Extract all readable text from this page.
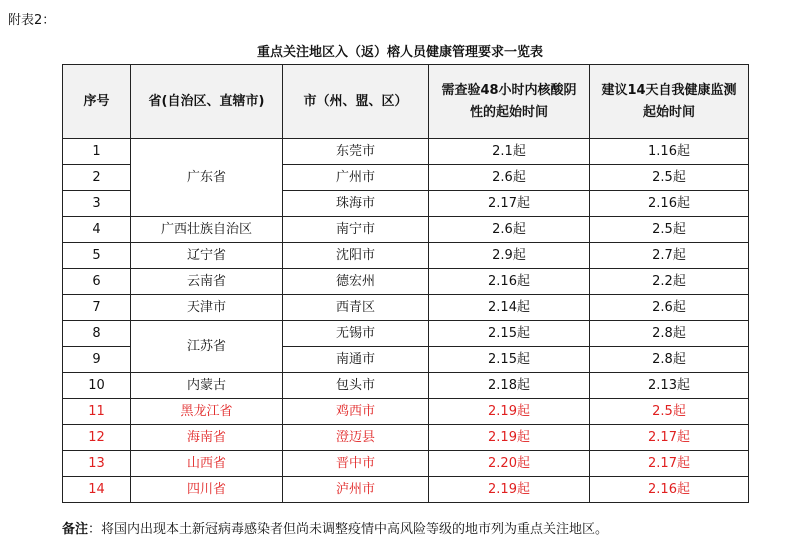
附表2：
重点关注地区入（返）榕人员健康管理要求一览表
序号	省(自治区、直辖市)	市（州、盟、区）	需查验48小时内核酸阴性的起始时间	建议14天自我健康监测起始时间
1	广东省	东莞市	2.1起	1.16起
2		广州市	2.6起	2.5起
3		珠海市	2.17起	2.16起
4	广西壮族自治区	南宁市	2.6起	2.5起
5	辽宁省	沈阳市	2.9起	2.7起
6	云南省	德宏州	2.16起	2.2起
7	天津市	西青区	2.14起	2.6起
8	江苏省	无锡市	2.15起	2.8起
9		南通市	2.15起	2.8起
10	内蒙古	包头市	2.18起	2.13起
11	黑龙江省	鸡西市	2.19起	2.5起
12	海南省	澄迈县	2.19起	2.17起
13	山西省	晋中市	2.20起	2.17起
14	四川省	泸州市	2.19起	2.16起
备注：将国内出现本土新冠病毒感染者但尚未调整疫情中高风险等级的地市列为重点关注地区。
